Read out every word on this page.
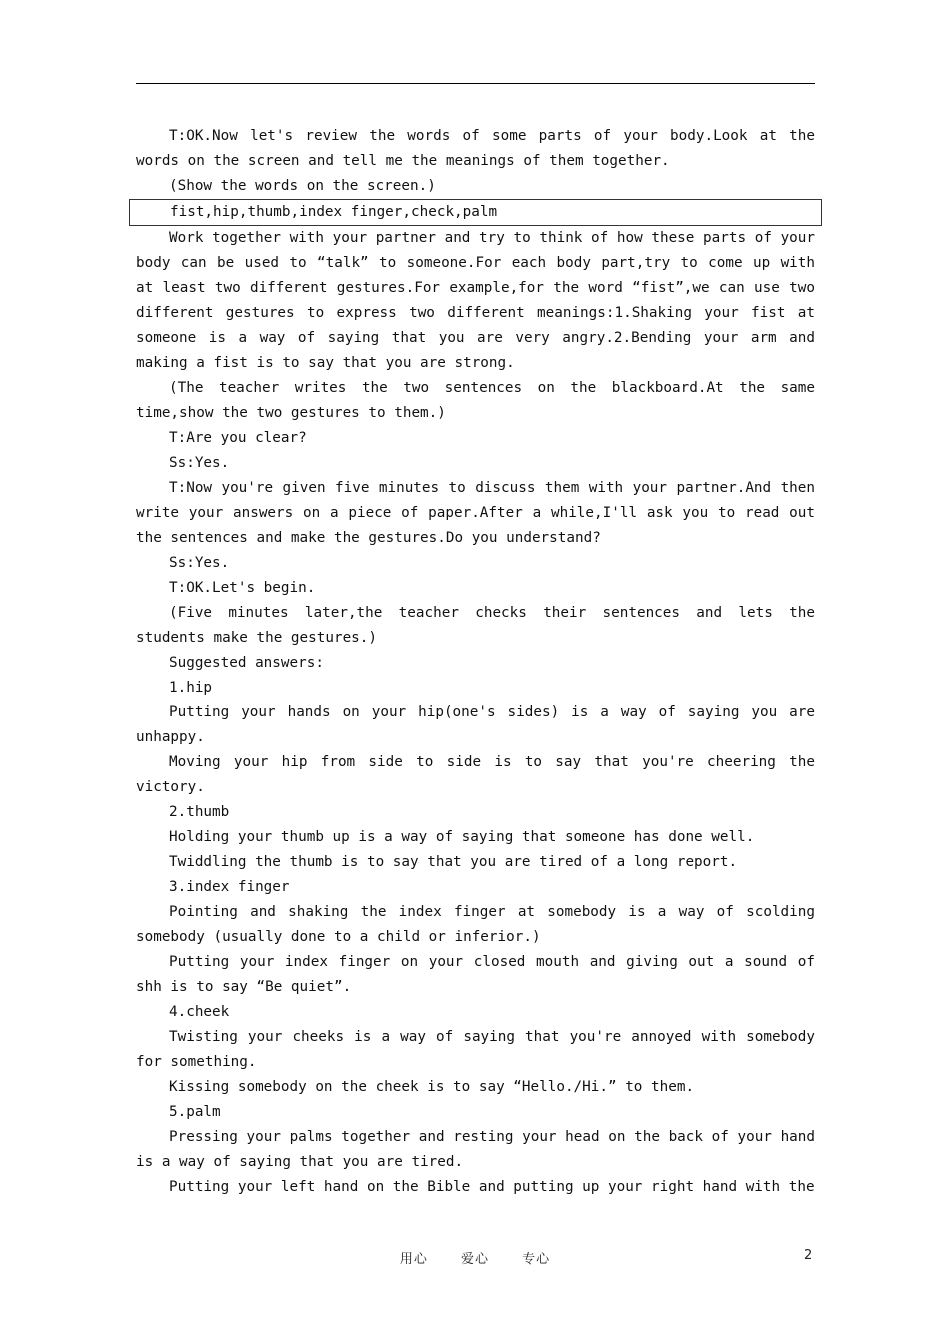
T:OK.Now let's review the words of some parts of your body.Look at the words on the screen and tell me the meanings of them together.

(Show the words on the screen.)

fist,hip,thumb,index finger,check,palm

Work together with your partner and try to think of how these parts of your body can be used to “talk” to someone.For each body part,try to come up with at least two different gestures.For example,for the word “fist”,we can use two different gestures to express two different meanings:1.Shaking your fist at someone is a way of saying that you are very angry.2.Bending your arm and making a fist is to say that you are strong.

(The teacher writes the two sentences on the blackboard.At the same time,show the two gestures to them.)

T:Are you clear?

Ss:Yes.

T:Now you're given five minutes to discuss them with your partner.And then write your answers on a piece of paper.After a while,I'll ask you to read out the sentences and make the gestures.Do you understand?

Ss:Yes.

T:OK.Let's begin.

(Five minutes later,the teacher checks their sentences and lets the students make the gestures.)

Suggested answers:

1.hip

Putting your hands on your hip(one's sides) is a way of saying you are unhappy.

Moving your hip from side to side is to say that you're cheering the victory.

2.thumb

Holding your thumb up is a way of saying that someone has done well.

Twiddling the thumb is to say that you are tired of a long report.

3.index finger

Pointing and shaking the index finger at somebody is a way of scolding somebody (usually done to a child or inferior.)

Putting your index finger on your closed mouth and giving out a sound of shh is to say “Be quiet”.

4.cheek

Twisting your cheeks is a way of saying that you're annoyed with somebody for something.

Kissing somebody on the cheek is to say “Hello./Hi.” to them.

5.palm

Pressing your palms together and resting your head on the back of your hand is a way of saying that you are tired.

Putting your left hand on the Bible and putting up your right hand with the

用心	爱心	专心	2
